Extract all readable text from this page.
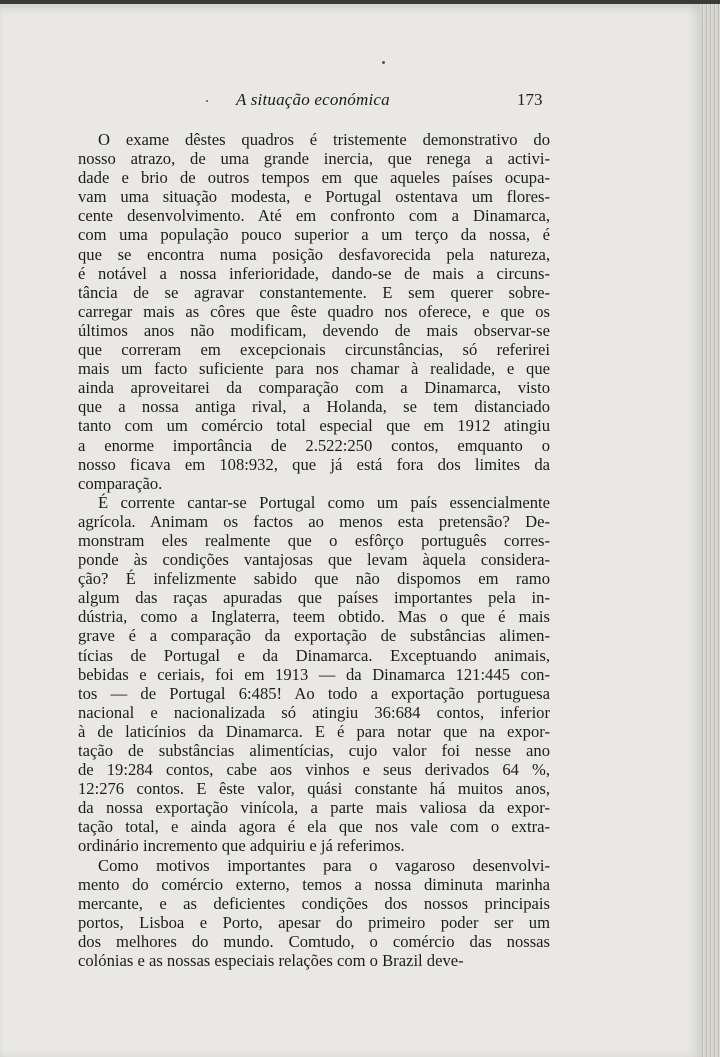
A situação económica	173
O exame dêstes quadros é tristemente demonstrativo do
nosso atrazo, de uma grande inercia, que renega a activi-
dade e brio de outros tempos em que aqueles países ocupa-
vam uma situação modesta, e Portugal ostentava um flores-
cente desenvolvimento. Até em confronto com a Dinamarca,
com uma população pouco superior a um terço da nossa, é
que se encontra numa posição desfavorecida pela natureza,
é notável a nossa inferioridade, dando-se de mais a circuns-
tância de se agravar constantemente. E sem querer sobre-
carregar mais as côres que êste quadro nos oferece, e que os
últimos anos não modificam, devendo de mais observar-se
que correram em excepcionais circunstâncias, só referirei
mais um facto suficiente para nos chamar à realidade, e que
ainda aproveitarei da comparação com a Dinamarca, visto
que a nossa antiga rival, a Holanda, se tem distanciado
tanto com um comércio total especial que em 1912 atingiu
a enorme importância de 2.522:250 contos, emquanto o
nosso ficava em 108:932, que já está fora dos limites da
comparação.
É corrente cantar-se Portugal como um país essencialmente
agrícola. Animam os factos ao menos esta pretensão? De-
monstram eles realmente que o esfôrço português corres-
ponde às condições vantajosas que levam àquela considera-
ção? É infelizmente sabido que não dispomos em ramo
algum das raças apuradas que países importantes pela in-
dústria, como a Inglaterra, teem obtido. Mas o que é mais
grave é a comparação da exportação de substâncias alimen-
tícias de Portugal e da Dinamarca. Exceptuando animais,
bebidas e ceriais, foi em 1913 — da Dinamarca 121:445 con-
tos — de Portugal 6:485! Ao todo a exportação portuguesa
nacional e nacionalizada só atingiu 36:684 contos, inferior
à de laticínios da Dinamarca. E é para notar que na expor-
tação de substâncias alimentícias, cujo valor foi nesse ano
de 19:284 contos, cabe aos vinhos e seus derivados 64 %,
12:276 contos. E êste valor, quási constante há muitos anos,
da nossa exportação vinícola, a parte mais valiosa da expor-
tação total, e ainda agora é ela que nos vale com o extra-
ordinário incremento que adquiriu e já referimos.
Como motivos importantes para o vagaroso desenvolvi-
mento do comércio externo, temos a nossa diminuta marinha
mercante, e as deficientes condições dos nossos principais
portos, Lisboa e Porto, apesar do primeiro poder ser um
dos melhores do mundo. Comtudo, o comércio das nossas
colónias e as nossas especiais relações com o Brazil deve-
